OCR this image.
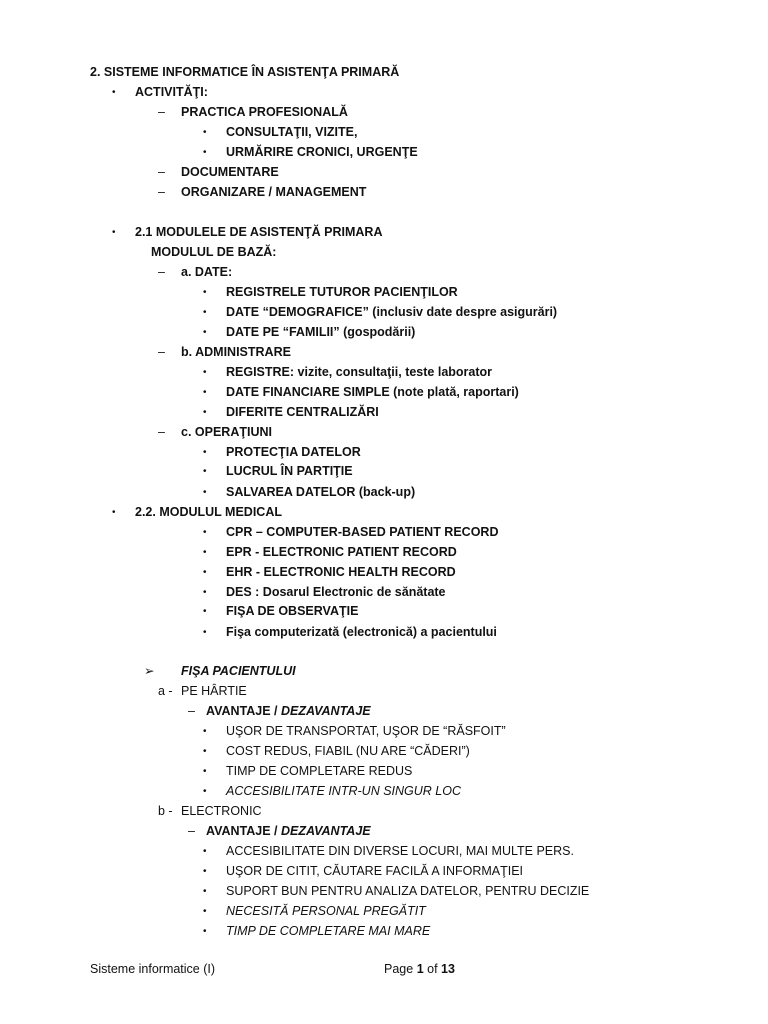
2. SISTEME INFORMATICE ÎN ASISTENŢA PRIMARĂ
• ACTIVITĂŢI:
– PRACTICA PROFESIONALĂ
• CONSULTAŢII, VIZITE,
• URMĂRIRE CRONICI, URGENŢE
– DOCUMENTARE
– ORGANIZARE / MANAGEMENT
• 2.1 MODULELE DE ASISTENŢĂ PRIMARA
MODULUL DE BAZĂ:
– a. DATE:
• REGISTRELE TUTUROR PACIENŢILOR
• DATE “DEMOGRAFICE” (inclusiv date despre asigurări)
• DATE PE “FAMILII” (gospodării)
– b. ADMINISTRARE
• REGISTRE: vizite, consultaţii, teste laborator
• DATE FINANCIARE SIMPLE (note plată, raportari)
• DIFERITE CENTRALIZĂRI
– c. OPERAŢIUNI
• PROTECŢIA DATELOR
• LUCRUL ÎN PARTIŢIE
• SALVAREA DATELOR (back-up)
• 2.2. MODULUL MEDICAL
• CPR – COMPUTER-BASED PATIENT RECORD
• EPR - ELECTRONIC PATIENT RECORD
• EHR - ELECTRONIC HEALTH RECORD
• DES : Dosarul Electronic de sănătate
• FIŞA DE OBSERVAŢIE
• Fişa computerizată (electronică) a pacientului
➢ FIŞA PACIENTULUI
a - PE HÂRTIE
– AVANTAJE / DEZAVANTAJE
• UŞOR DE TRANSPORTAT, UŞOR DE “RĂSFOIT”
• COST REDUS, FIABIL (NU ARE “CĂDERI”)
• TIMP DE COMPLETARE REDUS
• ACCESIBILITATE INTR-UN SINGUR LOC
b - ELECTRONIC
– AVANTAJE / DEZAVANTAJE
• ACCESIBILITATE DIN DIVERSE LOCURI, MAI MULTE PERS.
• UŞOR DE CITIT, CĂUTARE FACILĂ A INFORMAŢIEI
• SUPORT BUN PENTRU ANALIZA DATELOR, PENTRU DECIZIE
• NECESITĂ PERSONAL PREGĂTIT
• TIMP DE COMPLETARE MAI MARE
Sisteme informatice (I)	Page 1 of 13
